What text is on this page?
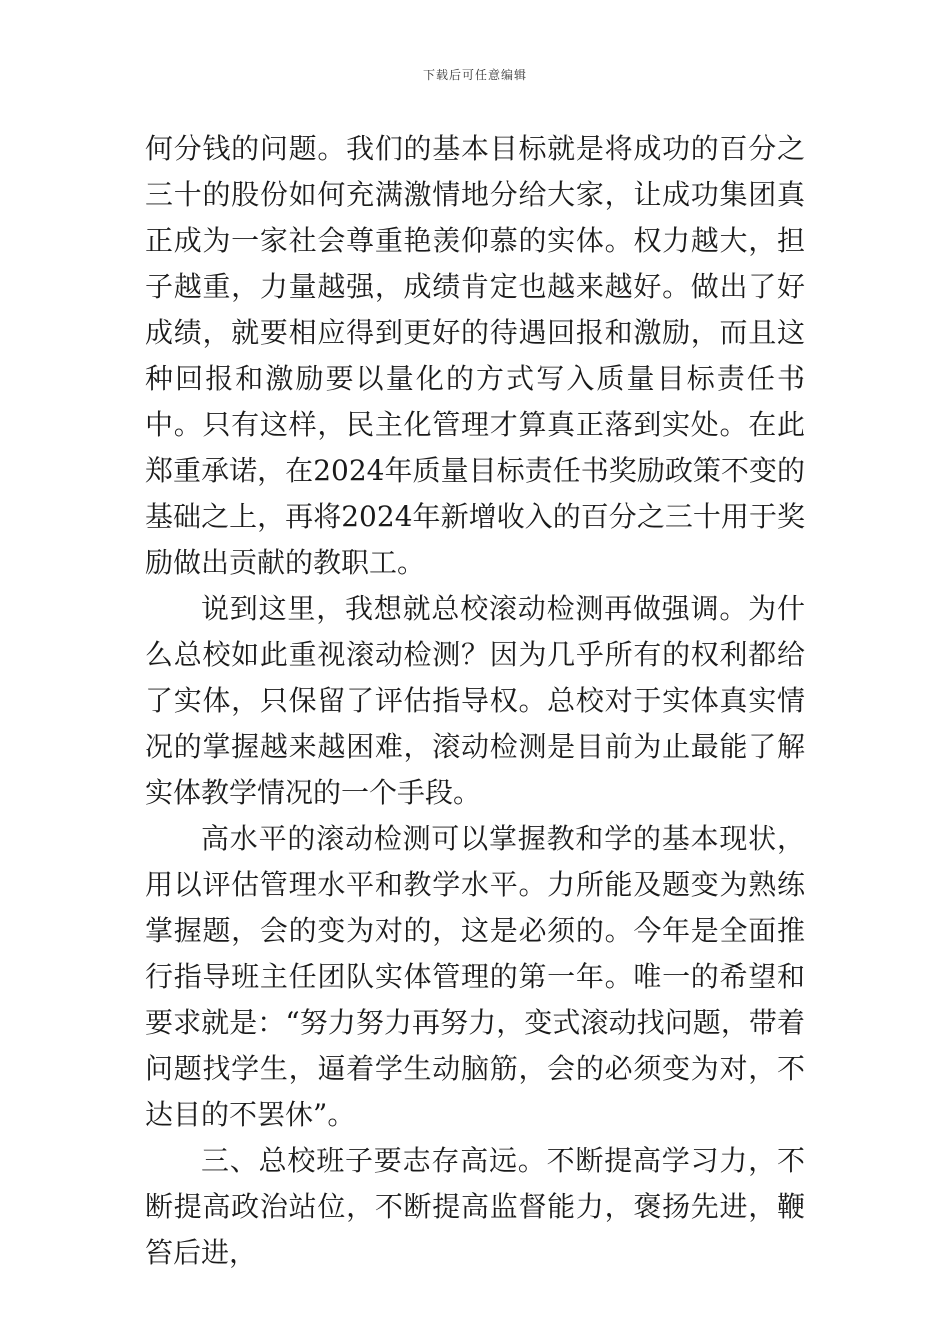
下载后可任意编辑

何分钱的问题。我们的基本目标就是将成功的百分之三十的股份如何充满激情地分给大家，让成功集团真正成为一家社会尊重艳羡仰慕的实体。权力越大，担子越重，力量越强，成绩肯定也越来越好。做出了好成绩，就要相应得到更好的待遇回报和激励，而且这种回报和激励要以量化的方式写入质量目标责任书中。只有这样，民主化管理才算真正落到实处。在此郑重承诺，在2024年质量目标责任书奖励政策不变的基础之上，再将2024年新增收入的百分之三十用于奖励做出贡献的教职工。

说到这里，我想就总校滚动检测再做强调。为什么总校如此重视滚动检测？因为几乎所有的权利都给了实体，只保留了评估指导权。总校对于实体真实情况的掌握越来越困难，滚动检测是目前为止最能了解实体教学情况的一个手段。

高水平的滚动检测可以掌握教和学的基本现状，用以评估管理水平和教学水平。力所能及题变为熟练掌握题，会的变为对的，这是必须的。今年是全面推行指导班主任团队实体管理的第一年。唯一的希望和要求就是：“努力努力再努力，变式滚动找问题，带着问题找学生，逼着学生动脑筋，会的必须变为对，不达目的不罢休”。

三、总校班子要志存高远。不断提高学习力，不断提高政治站位，不断提高监督能力，褒扬先进，鞭笞后进，
